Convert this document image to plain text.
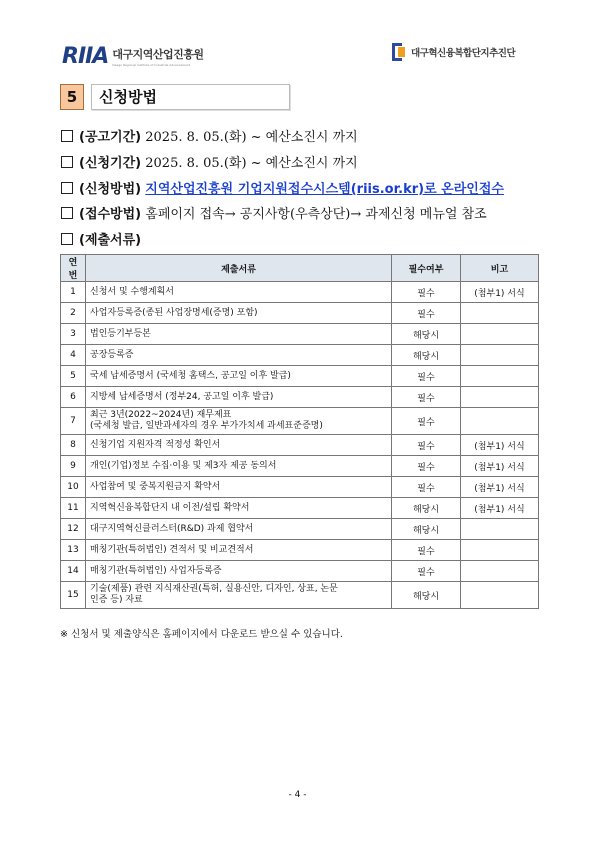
RIIA 대구지역산업진흥원
Daegu Regional Institute of Industrial Advancement
대구혁신융복합단지추진단
5	신청방법
(공고기간) 2025. 8. 05.(화) ~ 예산소진시 까지
(신청기간) 2025. 8. 05.(화) ~ 예산소진시 까지
(신청방법) 지역산업진흥원 기업지원접수시스템(riis.or.kr)로 온라인접수
(접수방법) 홈페이지 접속→ 공지사항(우측상단)→ 과제신청 메뉴얼 참조
(제출서류)
연번	제출서류	필수여부	비고
1	신청서 및 수행계획서	필수	(첨부1) 서식
2	사업자등록증(종된 사업장명세(증명) 포함)	필수	
3	법인등기부등본	해당시	
4	공장등록증	해당시	
5	국세 납세증명서 (국세청 홈택스, 공고일 이후 발급)	필수	
6	지방세 납세증명서 (정부24, 공고일 이후 발급)	필수	
7	최근 3년(2022~2024년) 재무제표
(국세청 발급, 일반과세자의 경우 부가가치세 과세표준증명)	필수	
8	신청기업 지원자격 적정성 확인서	필수	(첨부1) 서식
9	개인(기업)정보 수집·이용 및 제3자 제공 동의서	필수	(첨부1) 서식
10	사업참여 및 중복지원금지 확약서	필수	(첨부1) 서식
11	지역혁신융복합단지 내 이전/설립 확약서	해당시	(첨부1) 서식
12	대구지역혁신클러스터(R&D) 과제 협약서	해당시	
13	매칭기관(특허법인) 견적서 및 비교견적서	필수	
14	매칭기관(특허법인) 사업자등록증	필수	
15	기술(제품) 관련 지식재산권(특허, 실용신안, 디자인, 상표, 논문
인증 등) 자료	해당시	
※ 신청서 및 제출양식은 홈페이지에서 다운로드 받으실 수 있습니다.
- 4 -
